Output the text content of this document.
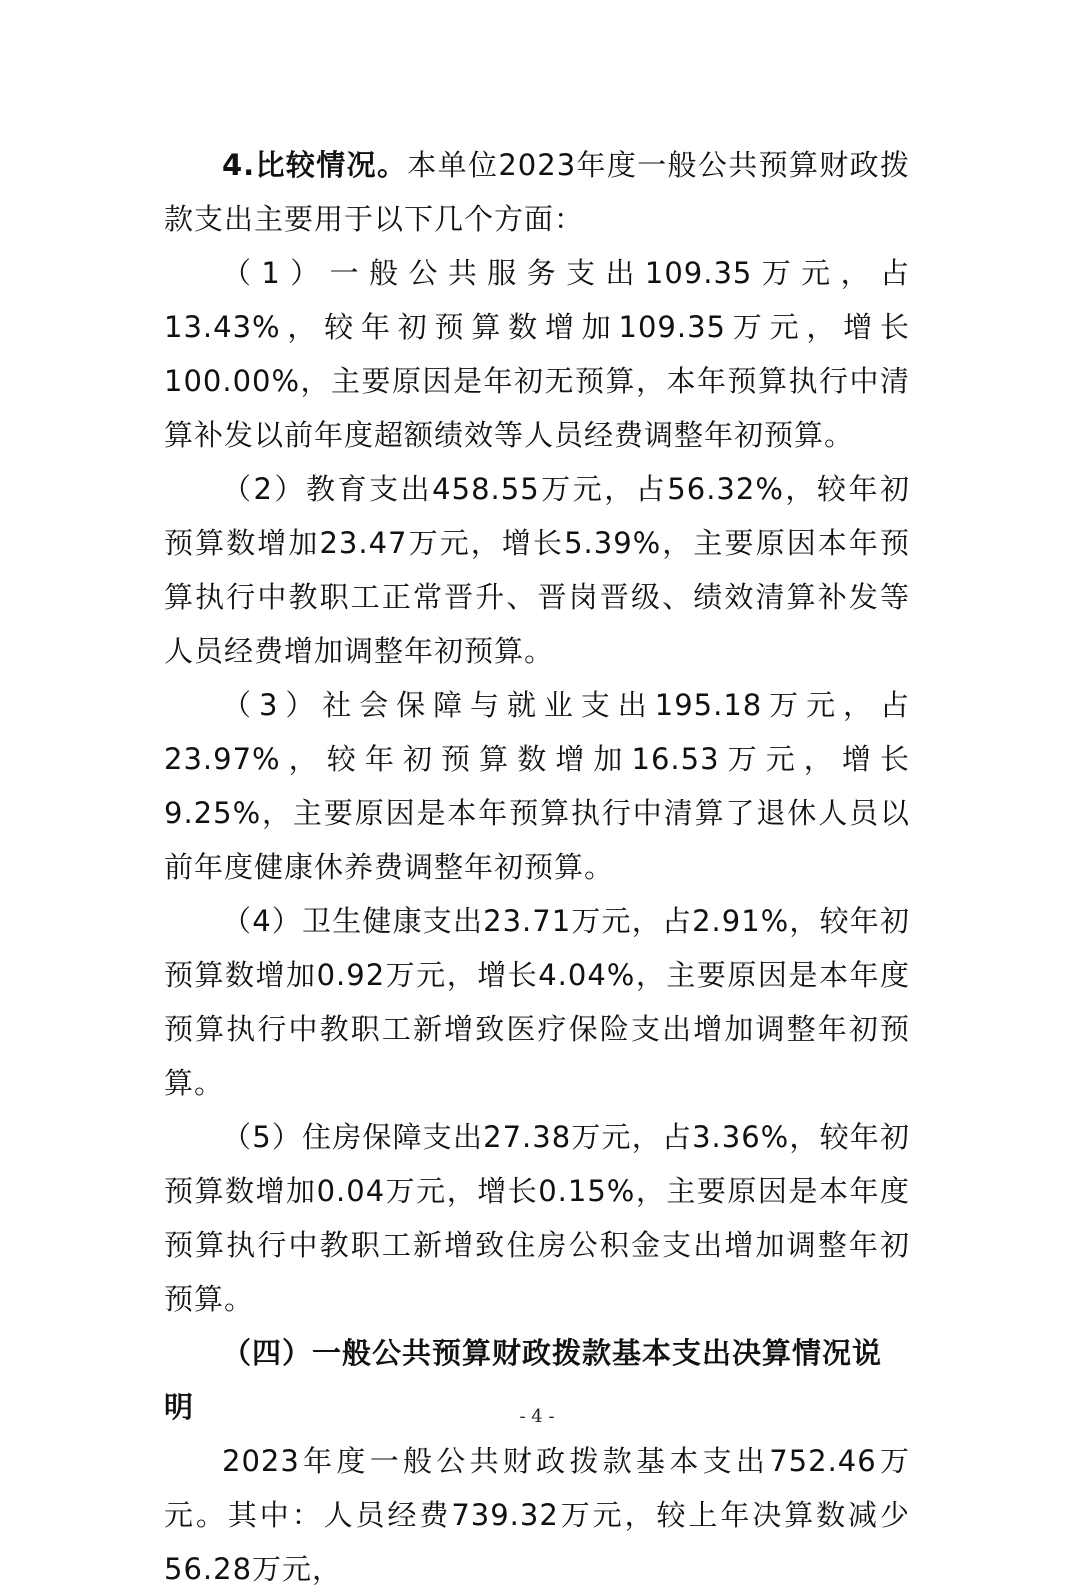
4.比较情况。本单位2023年度一般公共预算财政拨款支出主要用于以下几个方面：

（1）一般公共服务支出109.35万元，占13.43%，较年初预算数增加109.35万元，增长100.00%，主要原因是年初无预算，本年预算执行中清算补发以前年度超额绩效等人员经费调整年初预算。

（2）教育支出458.55万元，占56.32%，较年初预算数增加23.47万元，增长5.39%，主要原因本年预算执行中教职工正常晋升、晋岗晋级、绩效清算补发等人员经费增加调整年初预算。

（3）社会保障与就业支出195.18万元，占23.97%，较年初预算数增加16.53万元，增长9.25%，主要原因是本年预算执行中清算了退休人员以前年度健康休养费调整年初预算。

（4）卫生健康支出23.71万元，占2.91%，较年初预算数增加0.92万元，增长4.04%，主要原因是本年度预算执行中教职工新增致医疗保险支出增加调整年初预算。

（5）住房保障支出27.38万元，占3.36%，较年初预算数增加0.04万元，增长0.15%，主要原因是本年度预算执行中教职工新增致住房公积金支出增加调整年初预算。

（四）一般公共预算财政拨款基本支出决算情况说明

2023年度一般公共财政拨款基本支出752.46万元。其中：人员经费739.32万元，较上年决算数减少56.28万元，

- 4 -
